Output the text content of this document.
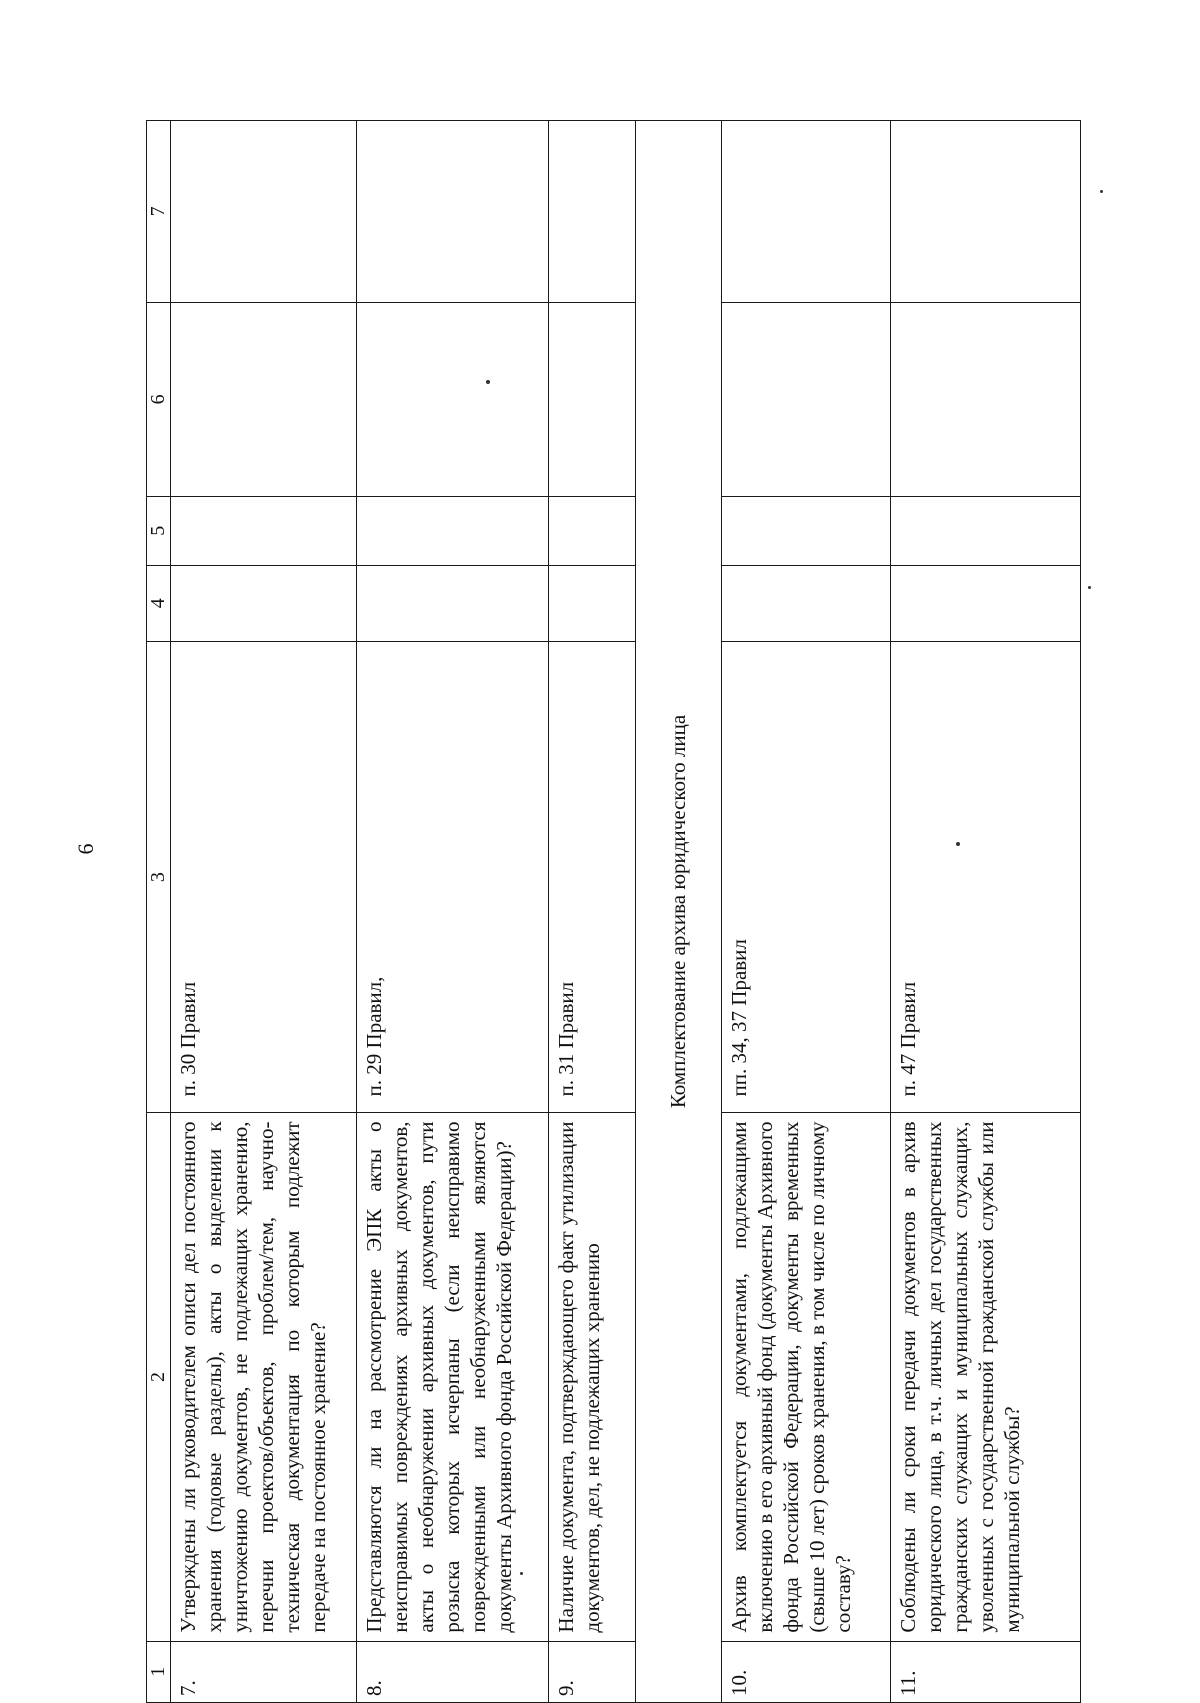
6
1	2	3	4	5	6	7
7.	Утверждены ли руководителем описи дел постоянного хранения (годовые разделы), акты о выделении к уничтожению документов, не подлежащих хранению, перечни проектов/объектов, проблем/тем, научно-техническая документация по которым подлежит передаче на постоянное хранение?	п. 30 Правил				
8.	Представляются ли на рассмотрение ЭПК акты о неисправимых повреждениях архивных документов, акты о необнаружении архивных документов, пути розыска которых исчерпаны (если неисправимо поврежденными или необнаруженными являются документы Архивного фонда Российской Федерации)?	п. 29 Правил,				
9.	Наличие документа, подтверждающего факт утилизации документов, дел, не подлежащих хранению	п. 31 Правил				
Комплектование архива юридического лица						
10.	Архив комплектуется документами, подлежащими включению в его архивный фонд (документы Архивного фонда Российской Федерации, документы временных (свыше 10 лет) сроков хранения, в том числе по личному составу?	пп. 34, 37 Правил				
11.	Соблюдены ли сроки передачи документов в архив юридического лица, в т.ч. личных дел государственных гражданских служащих и муниципальных служащих, уволенных с государственной гражданской службы или муниципальной службы?	п. 47 Правил				
